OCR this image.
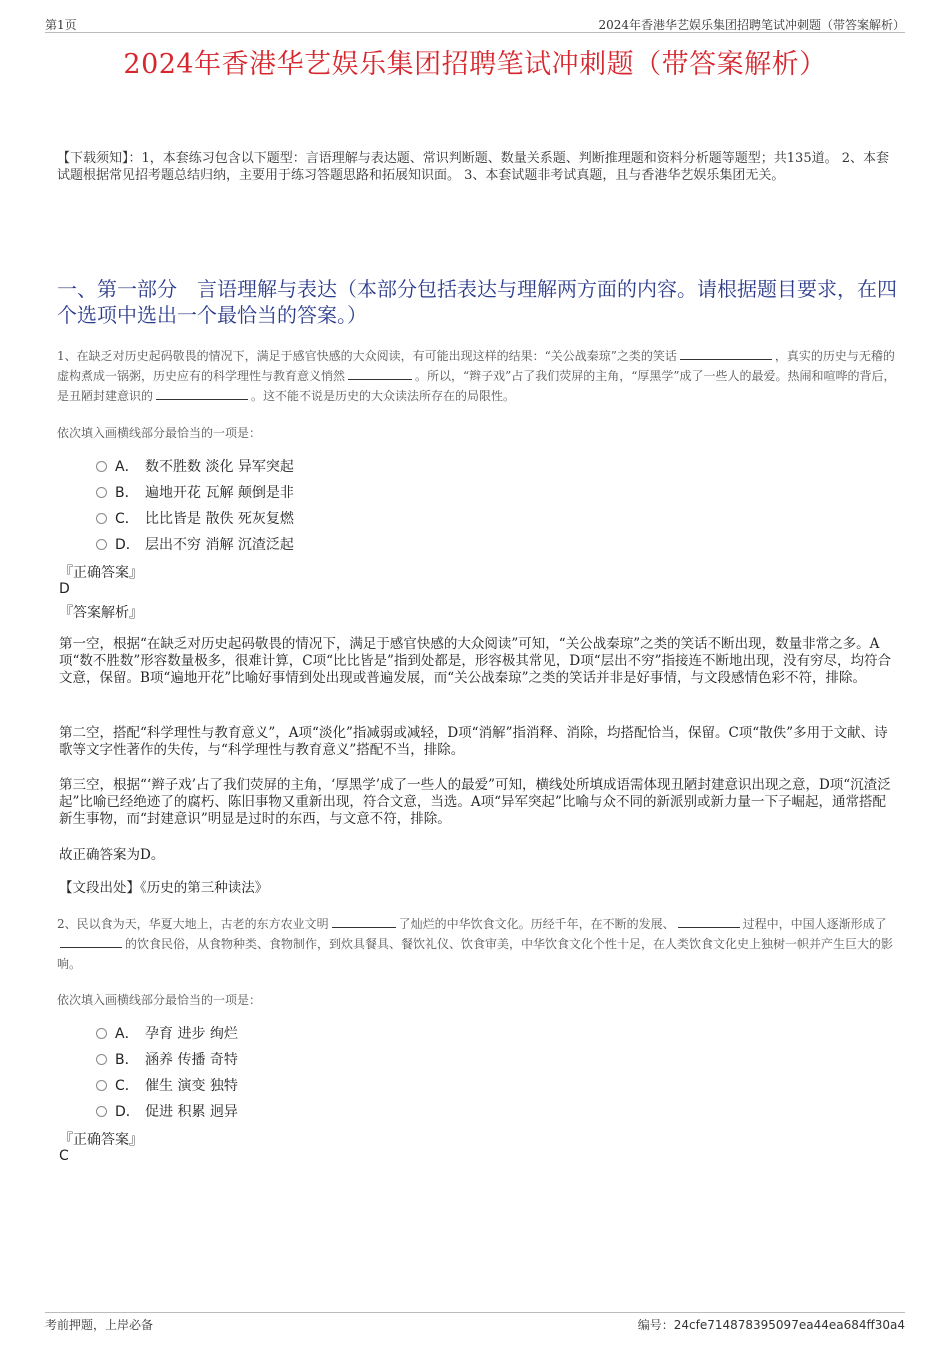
第1页	2024年香港华艺娱乐集团招聘笔试冲刺题（带答案解析）
2024年香港华艺娱乐集团招聘笔试冲刺题（带答案解析）
【下载须知】：1，本套练习包含以下题型：言语理解与表达题、常识判断题、数量关系题、判断推理题和资料分析题等题型；共135道。 2、本套试题根据常见招考题总结归纳，主要用于练习答题思路和拓展知识面。 3、本套试题非考试真题，且与香港华艺娱乐集团无关。
一、第一部分　言语理解与表达（本部分包括表达与理解两方面的内容。请根据题目要求，在四个选项中选出一个最恰当的答案。）
1、在缺乏对历史起码敬畏的情况下，满足于感官快感的大众阅读，有可能出现这样的结果：“关公战秦琼”之类的笑话	，真实的历史与无稽的虚构煮成一锅粥，历史应有的科学理性与教育意义悄然	。所以，“辫子戏”占了我们荧屏的主角，“厚黑学”成了一些人的最爱。热闹和喧哗的背后，是丑陋封建意识的	。这不能不说是历史的大众读法所存在的局限性。
依次填入画横线部分最恰当的一项是：
A． 数不胜数 淡化 异军突起
B． 遍地开花 瓦解 颠倒是非
C． 比比皆是 散佚 死灰复燃
D． 层出不穷 消解 沉渣泛起
『正确答案』
D
『答案解析』
第一空，根据“在缺乏对历史起码敬畏的情况下，满足于感官快感的大众阅读”可知，“关公战秦琼”之类的笑话不断出现，数量非常之多。A项“数不胜数”形容数量极多，很难计算，C项“比比皆是”指到处都是，形容极其常见，D项“层出不穷”指接连不断地出现，没有穷尽，均符合文意，保留。B项“遍地开花”比喻好事情到处出现或普遍发展，而“关公战秦琼”之类的笑话并非是好事情，与文段感情色彩不符，排除。
第二空，搭配“科学理性与教育意义”，A项“淡化”指减弱或减轻，D项“消解”指消释、消除，均搭配恰当，保留。C项“散佚”多用于文献、诗歌等文字性著作的失传，与“科学理性与教育意义”搭配不当，排除。
第三空，根据“‘辫子戏’占了我们荧屏的主角，‘厚黑学’成了一些人的最爱”可知，横线处所填成语需体现丑陋封建意识出现之意，D项“沉渣泛起”比喻已经绝迹了的腐朽、陈旧事物又重新出现，符合文意，当选。A项“异军突起”比喻与众不同的新派别或新力量一下子崛起，通常搭配新生事物，而“封建意识”明显是过时的东西，与文意不符，排除。
故正确答案为D。
【文段出处】《历史的第三种读法》
2、民以食为天，华夏大地上，古老的东方农业文明	了灿烂的中华饮食文化。历经千年，在不断的发展、	过程中，中国人逐渐形成了的饮食民俗，从食物种类、食物制作，到炊具餐具、餐饮礼仪、饮食审美，中华饮食文化个性十足，在人类饮食文化史上独树一帜并产生巨大的影响。
依次填入画横线部分最恰当的一项是：
A． 孕育 进步 绚烂
B． 涵养 传播 奇特
C． 催生 演变 独特
D． 促进 积累 迥异
『正确答案』
C
考前押题，上岸必备	编号：24cfe714878395097ea44ea684ff30a4
